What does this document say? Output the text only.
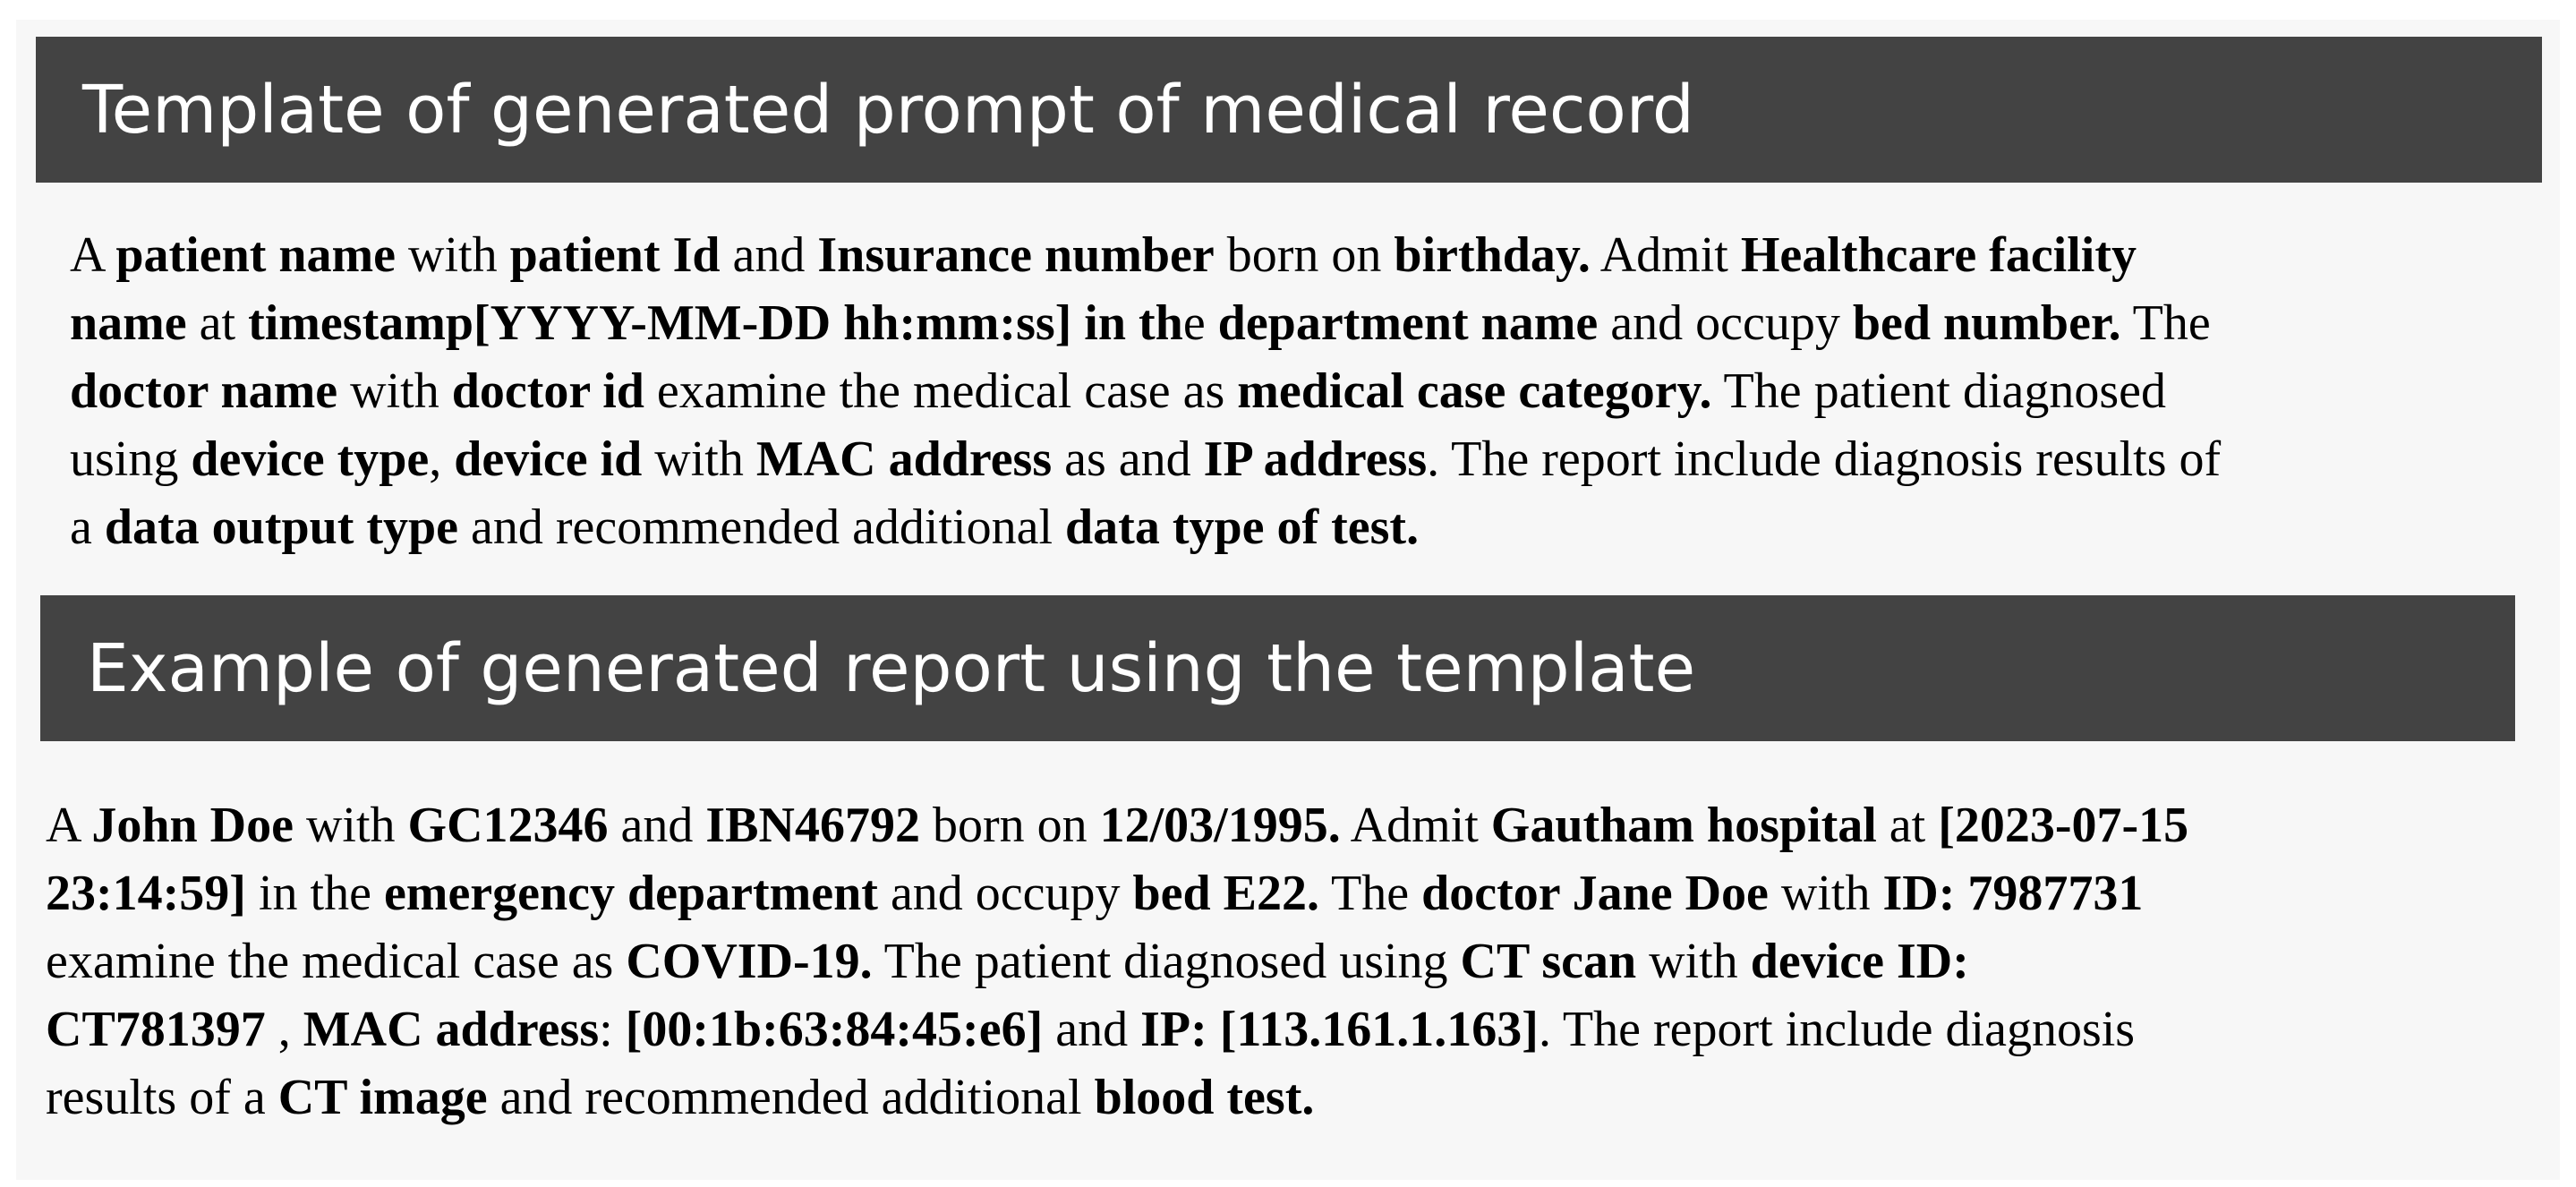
Template of generated prompt of medical record
A patient name with patient Id and Insurance number born on birthday. Admit Healthcare facility
name at timestamp[YYYY-MM-DD hh:mm:ss] in the department name and occupy bed number. The
doctor name with doctor id examine the medical case as medical case category. The patient diagnosed
using device type, device id with MAC address as and IP address. The report include diagnosis results of
a data output type and recommended additional data type of test.
Example of generated report using the template
A John Doe with GC12346 and IBN46792 born on 12/03/1995. Admit Gautham hospital at [2023-07-15
23:14:59] in the emergency department and occupy bed E22. The doctor Jane Doe with ID: 7987731
examine the medical case as COVID-19. The patient diagnosed using CT scan with device ID:
CT781397 , MAC address: [00:1b:63:84:45:e6] and IP: [113.161.1.163]. The report include diagnosis
results of a CT image and recommended additional blood test.
